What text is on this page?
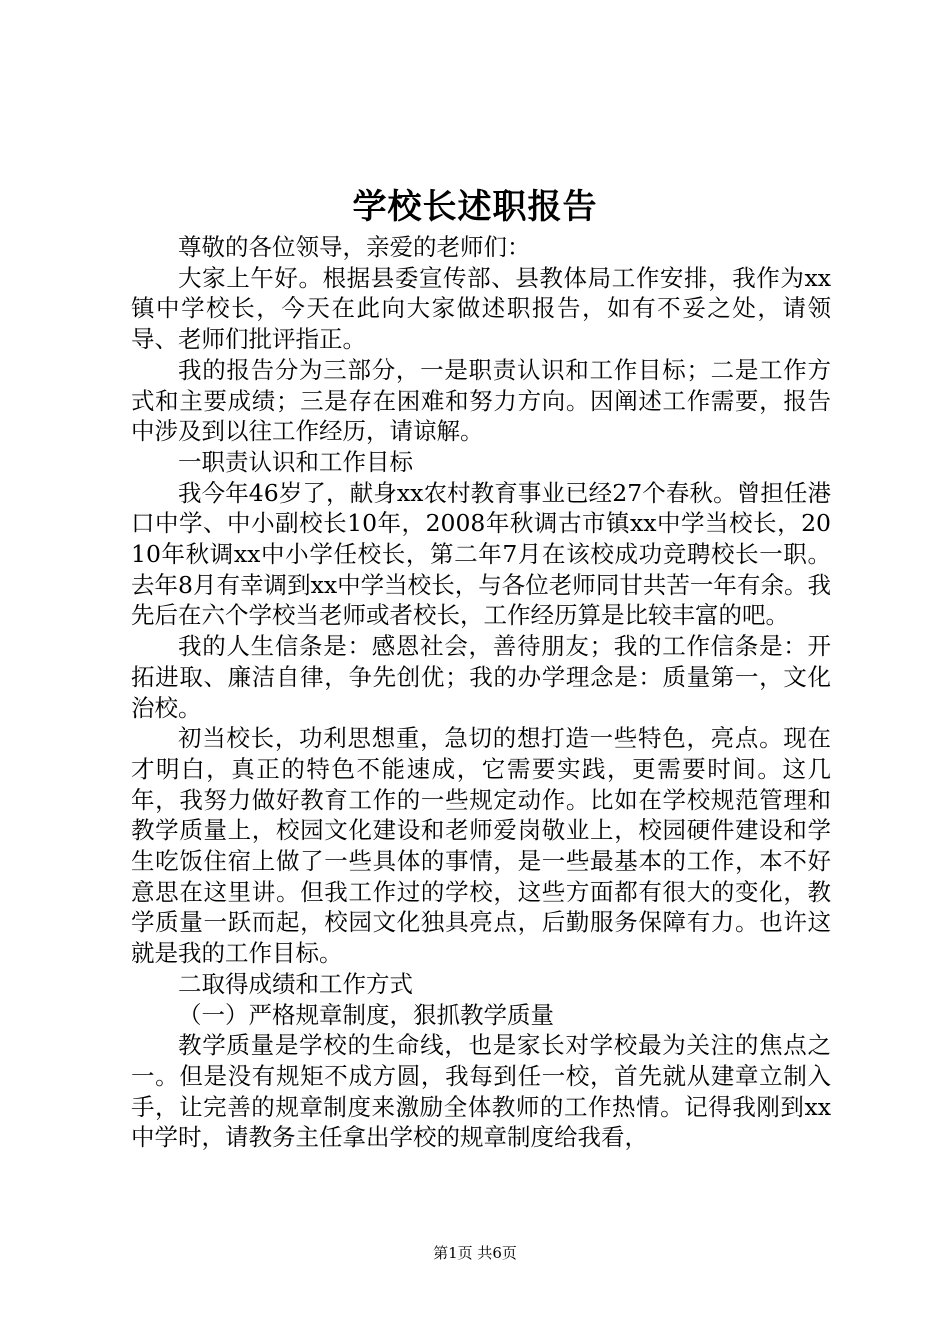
学校长述职报告

尊敬的各位领导，亲爱的老师们：

大家上午好。根据县委宣传部、县教体局工作安排，我作为xx镇中学校长，今天在此向大家做述职报告，如有不妥之处，请领导、老师们批评指正。

我的报告分为三部分，一是职责认识和工作目标；二是工作方式和主要成绩；三是存在困难和努力方向。因阐述工作需要，报告中涉及到以往工作经历，请谅解。

一职责认识和工作目标

我今年46岁了，献身xx农村教育事业已经27个春秋。曾担任港口中学、中小副校长10年，2008年秋调古市镇xx中学当校长，2010年秋调xx中小学任校长，第二年7月在该校成功竞聘校长一职。去年8月有幸调到xx中学当校长，与各位老师同甘共苦一年有余。我先后在六个学校当老师或者校长，工作经历算是比较丰富的吧。

我的人生信条是：感恩社会，善待朋友；我的工作信条是：开拓进取、廉洁自律，争先创优；我的办学理念是：质量第一，文化治校。

初当校长，功利思想重，急切的想打造一些特色，亮点。现在才明白，真正的特色不能速成，它需要实践，更需要时间。这几年，我努力做好教育工作的一些规定动作。比如在学校规范管理和教学质量上，校园文化建设和老师爱岗敬业上，校园硬件建设和学生吃饭住宿上做了一些具体的事情，是一些最基本的工作，本不好意思在这里讲。但我工作过的学校，这些方面都有很大的变化，教学质量一跃而起，校园文化独具亮点，后勤服务保障有力。也许这就是我的工作目标。

二取得成绩和工作方式

（一）严格规章制度，狠抓教学质量

教学质量是学校的生命线，也是家长对学校最为关注的焦点之一。但是没有规矩不成方圆，我每到任一校，首先就从建章立制入手，让完善的规章制度来激励全体教师的工作热情。记得我刚到xx中学时，请教务主任拿出学校的规章制度给我看，

第1页 共6页
